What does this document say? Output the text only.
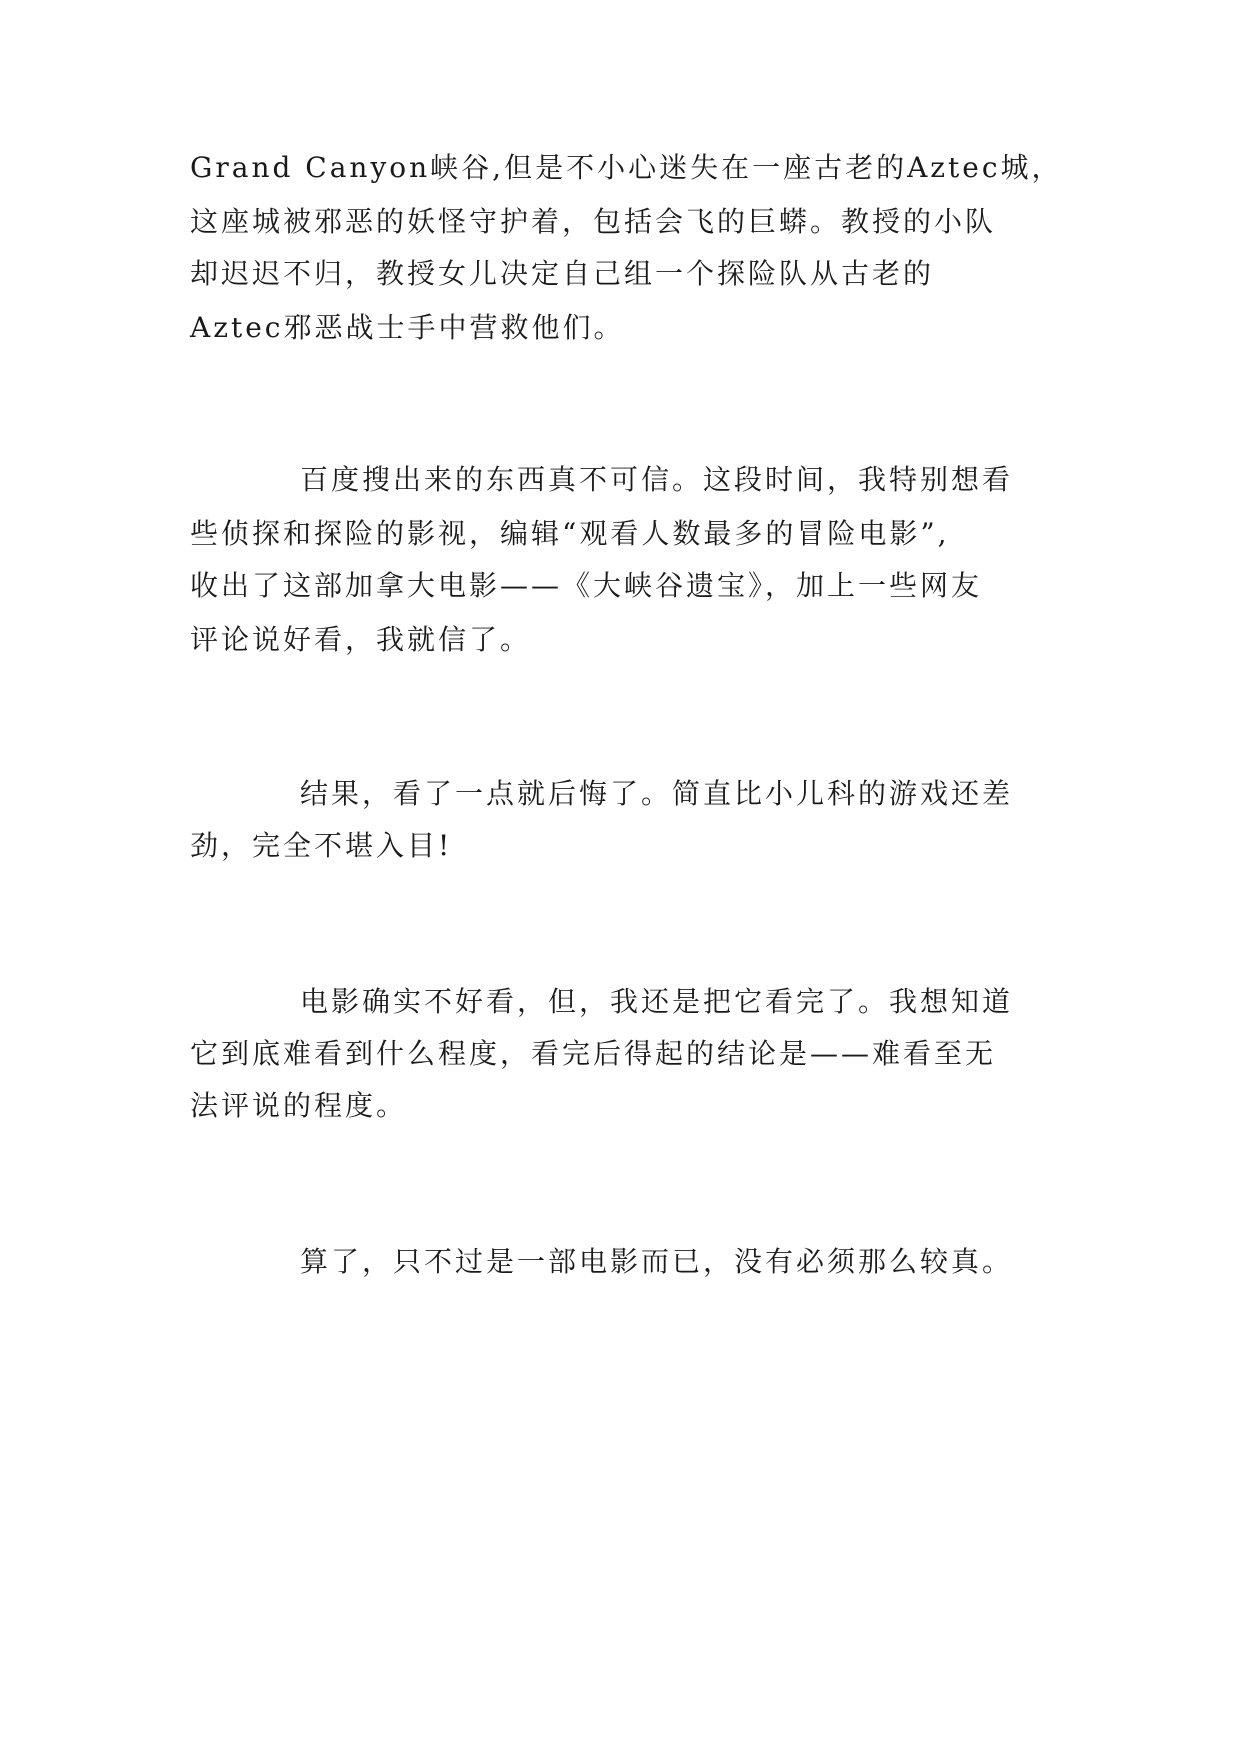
Grand Canyon峡谷,但是不小心迷失在一座古老的Aztec城，
这座城被邪恶的妖怪守护着，包括会飞的巨蟒。教授的小队
却迟迟不归，教授女儿决定自己组一个探险队从古老的
Aztec邪恶战士手中营救他们。
百度搜出来的东西真不可信。这段时间，我特别想看
些侦探和探险的影视，编辑“观看人数最多的冒险电影”,
收出了这部加拿大电影——《大峡谷遗宝》，加上一些网友
评论说好看，我就信了。
结果，看了一点就后悔了。简直比小儿科的游戏还差
劲，完全不堪入目!
电影确实不好看，但，我还是把它看完了。我想知道
它到底难看到什么程度，看完后得起的结论是——难看至无
法评说的程度。
算了，只不过是一部电影而已，没有必须那么较真。
